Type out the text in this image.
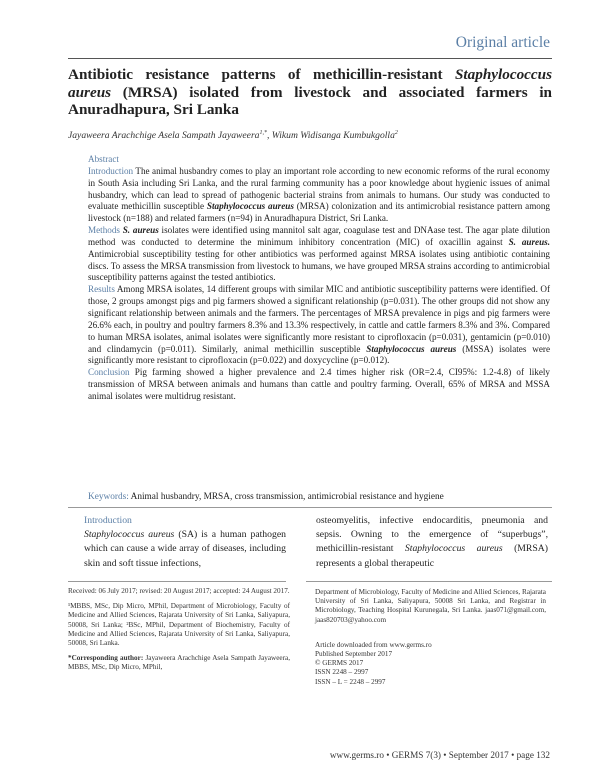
Original article
Antibiotic resistance patterns of methicillin-resistant Staphylococcus aureus (MRSA) isolated from livestock and associated farmers in Anuradhapura, Sri Lanka
Jayaweera Arachchige Asela Sampath Jayaweera$^{1,*}$, Wikum Widisanga Kumbukgolla$^2$
Abstract

Introduction The animal husbandry comes to play an important role according to new economic reforms of the rural economy in South Asia including Sri Lanka, and the rural farming community has a poor knowledge about hygienic issues of animal husbandry, which can lead to spread of pathogenic bacterial strains from animals to humans. Our study was conducted to evaluate methicillin susceptible Staphylococcus aureus (MRSA) colonization and its antimicrobial resistance pattern among livestock (n=188) and related farmers (n=94) in Anuradhapura District, Sri Lanka.

Methods S. aureus isolates were identified using mannitol salt agar, coagulase test and DNAase test. The agar plate dilution method was conducted to determine the minimum inhibitory concentration (MIC) of oxacillin against S. aureus. Antimicrobial susceptibility testing for other antibiotics was performed against MRSA isolates using antibiotic containing discs. To assess the MRSA transmission from livestock to humans, we have grouped MRSA strains according to antimicrobial susceptibility patterns against the tested antibiotics.

Results Among MRSA isolates, 14 different groups with similar MIC and antibiotic susceptibility patterns were identified. Of those, 2 groups amongst pigs and pig farmers showed a significant relationship (p=0.031). The other groups did not show any significant relationship between animals and the farmers. The percentages of MRSA prevalence in pigs and pig farmers were 26.6% each, in poultry and poultry farmers 8.3% and 13.3% respectively, in cattle and cattle farmers 8.3% and 3%. Compared to human MRSA isolates, animal isolates were significantly more resistant to ciprofloxacin (p=0.031), gentamicin (p=0.010) and clindamycin (p=0.011). Similarly, animal methicillin susceptible Staphylococcus aureus (MSSA) isolates were significantly more resistant to ciprofloxacin (p=0.022) and doxycycline (p=0.012).

Conclusion Pig farming showed a higher prevalence and 2.4 times higher risk (OR=2.4, CI95%: 1.2-4.8) of likely transmission of MRSA between animals and humans than cattle and poultry farming. Overall, 65% of MRSA and MSSA animal isolates were multidrug resistant.

Keywords: Animal husbandry, MRSA, cross transmission, antimicrobial resistance and hygiene
Introduction

Staphylococcus aureus (SA) is a human pathogen which can cause a wide array of diseases, including skin and soft tissue infections,

osteomyelitis, infective endocarditis, pneumonia and sepsis. Owning to the emergence of “superbugs”, methicillin-resistant Staphylococcus aureus (MRSA) represents a global therapeutic

Received: 06 July 2017; revised: 20 August 2017; accepted: 24 August 2017.

¹MBBS, MSc, Dip Micro, MPhil, Department of Microbiology, Faculty of Medicine and Allied Sciences, Rajarata University of Sri Lanka, Saliyapura, 50008, Sri Lanka; ²BSc, MPhil, Department of Biochemistry, Faculty of Medicine and Allied Sciences, Rajarata University of Sri Lanka, Saliyapura, 50008, Sri Lanka.

*Corresponding author: Jayaweera Arachchige Asela Sampath Jayaweera, MBBS, MSc, Dip Micro, MPhil,

Department of Microbiology, Faculty of Medicine and Allied Sciences, Rajarata University of Sri Lanka, Saliyapura, 50008 Sri Lanka, and Registrar in Microbiology, Teaching Hospital Kurunegala, Sri Lanka. jaas071@gmail.com, jaas820703@yahoo.com

Article downloaded from www.germs.ro
Published September 2017
© GERMS 2017
ISSN 2248 – 2997
ISSN – L = 2248 – 2997

www.germs.ro • GERMS 7(3) • September 2017 • page 132
